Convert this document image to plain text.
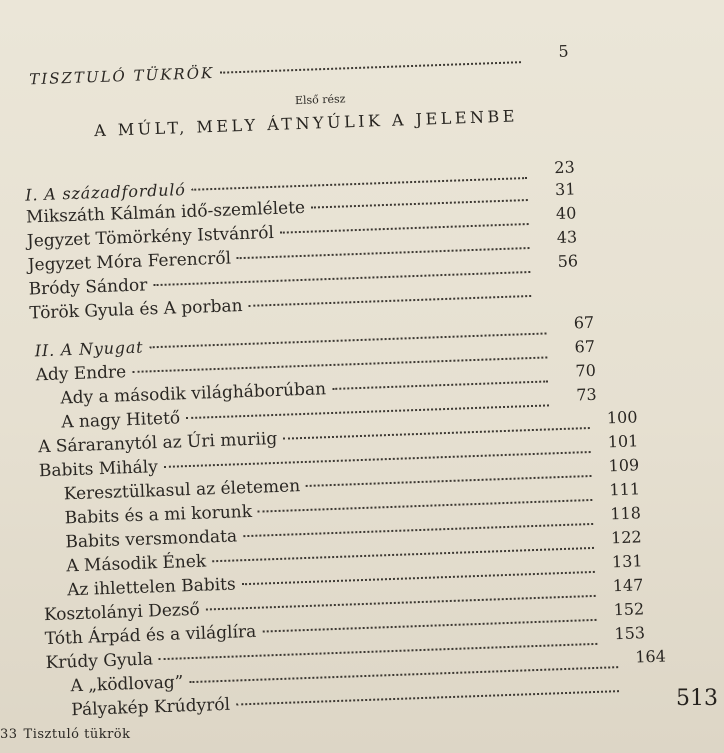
TISZTULÓ TÜKRÖK
5
Első rész
A MÚLT, MELY ÁTNYÚLIK A JELENBE
I. A századforduló
23
Mikszáth Kálmán idő-szemlélete
31
Jegyzet Tömörkény Istvánról
40
Jegyzet Móra Ferencről
43
Bródy Sándor
56
Török Gyula és A porban
II. A Nyugat
67
Ady Endre
67
Ady a második világháborúban
70
A nagy Hitető
73
A Sáraranytól az Úri muriig
100
Babits Mihály
101
Keresztülkasul az életemen
109
Babits és a mi korunk
111
Babits versmondata
118
A Második Ének
122
Az ihlettelen Babits
131
Kosztolányi Dezső
147
Tóth Árpád és a világlíra
152
Krúdy Gyula
153
A „ködlovag”
164
Pályakép Krúdyról	513
33 Tisztuló tükrök
